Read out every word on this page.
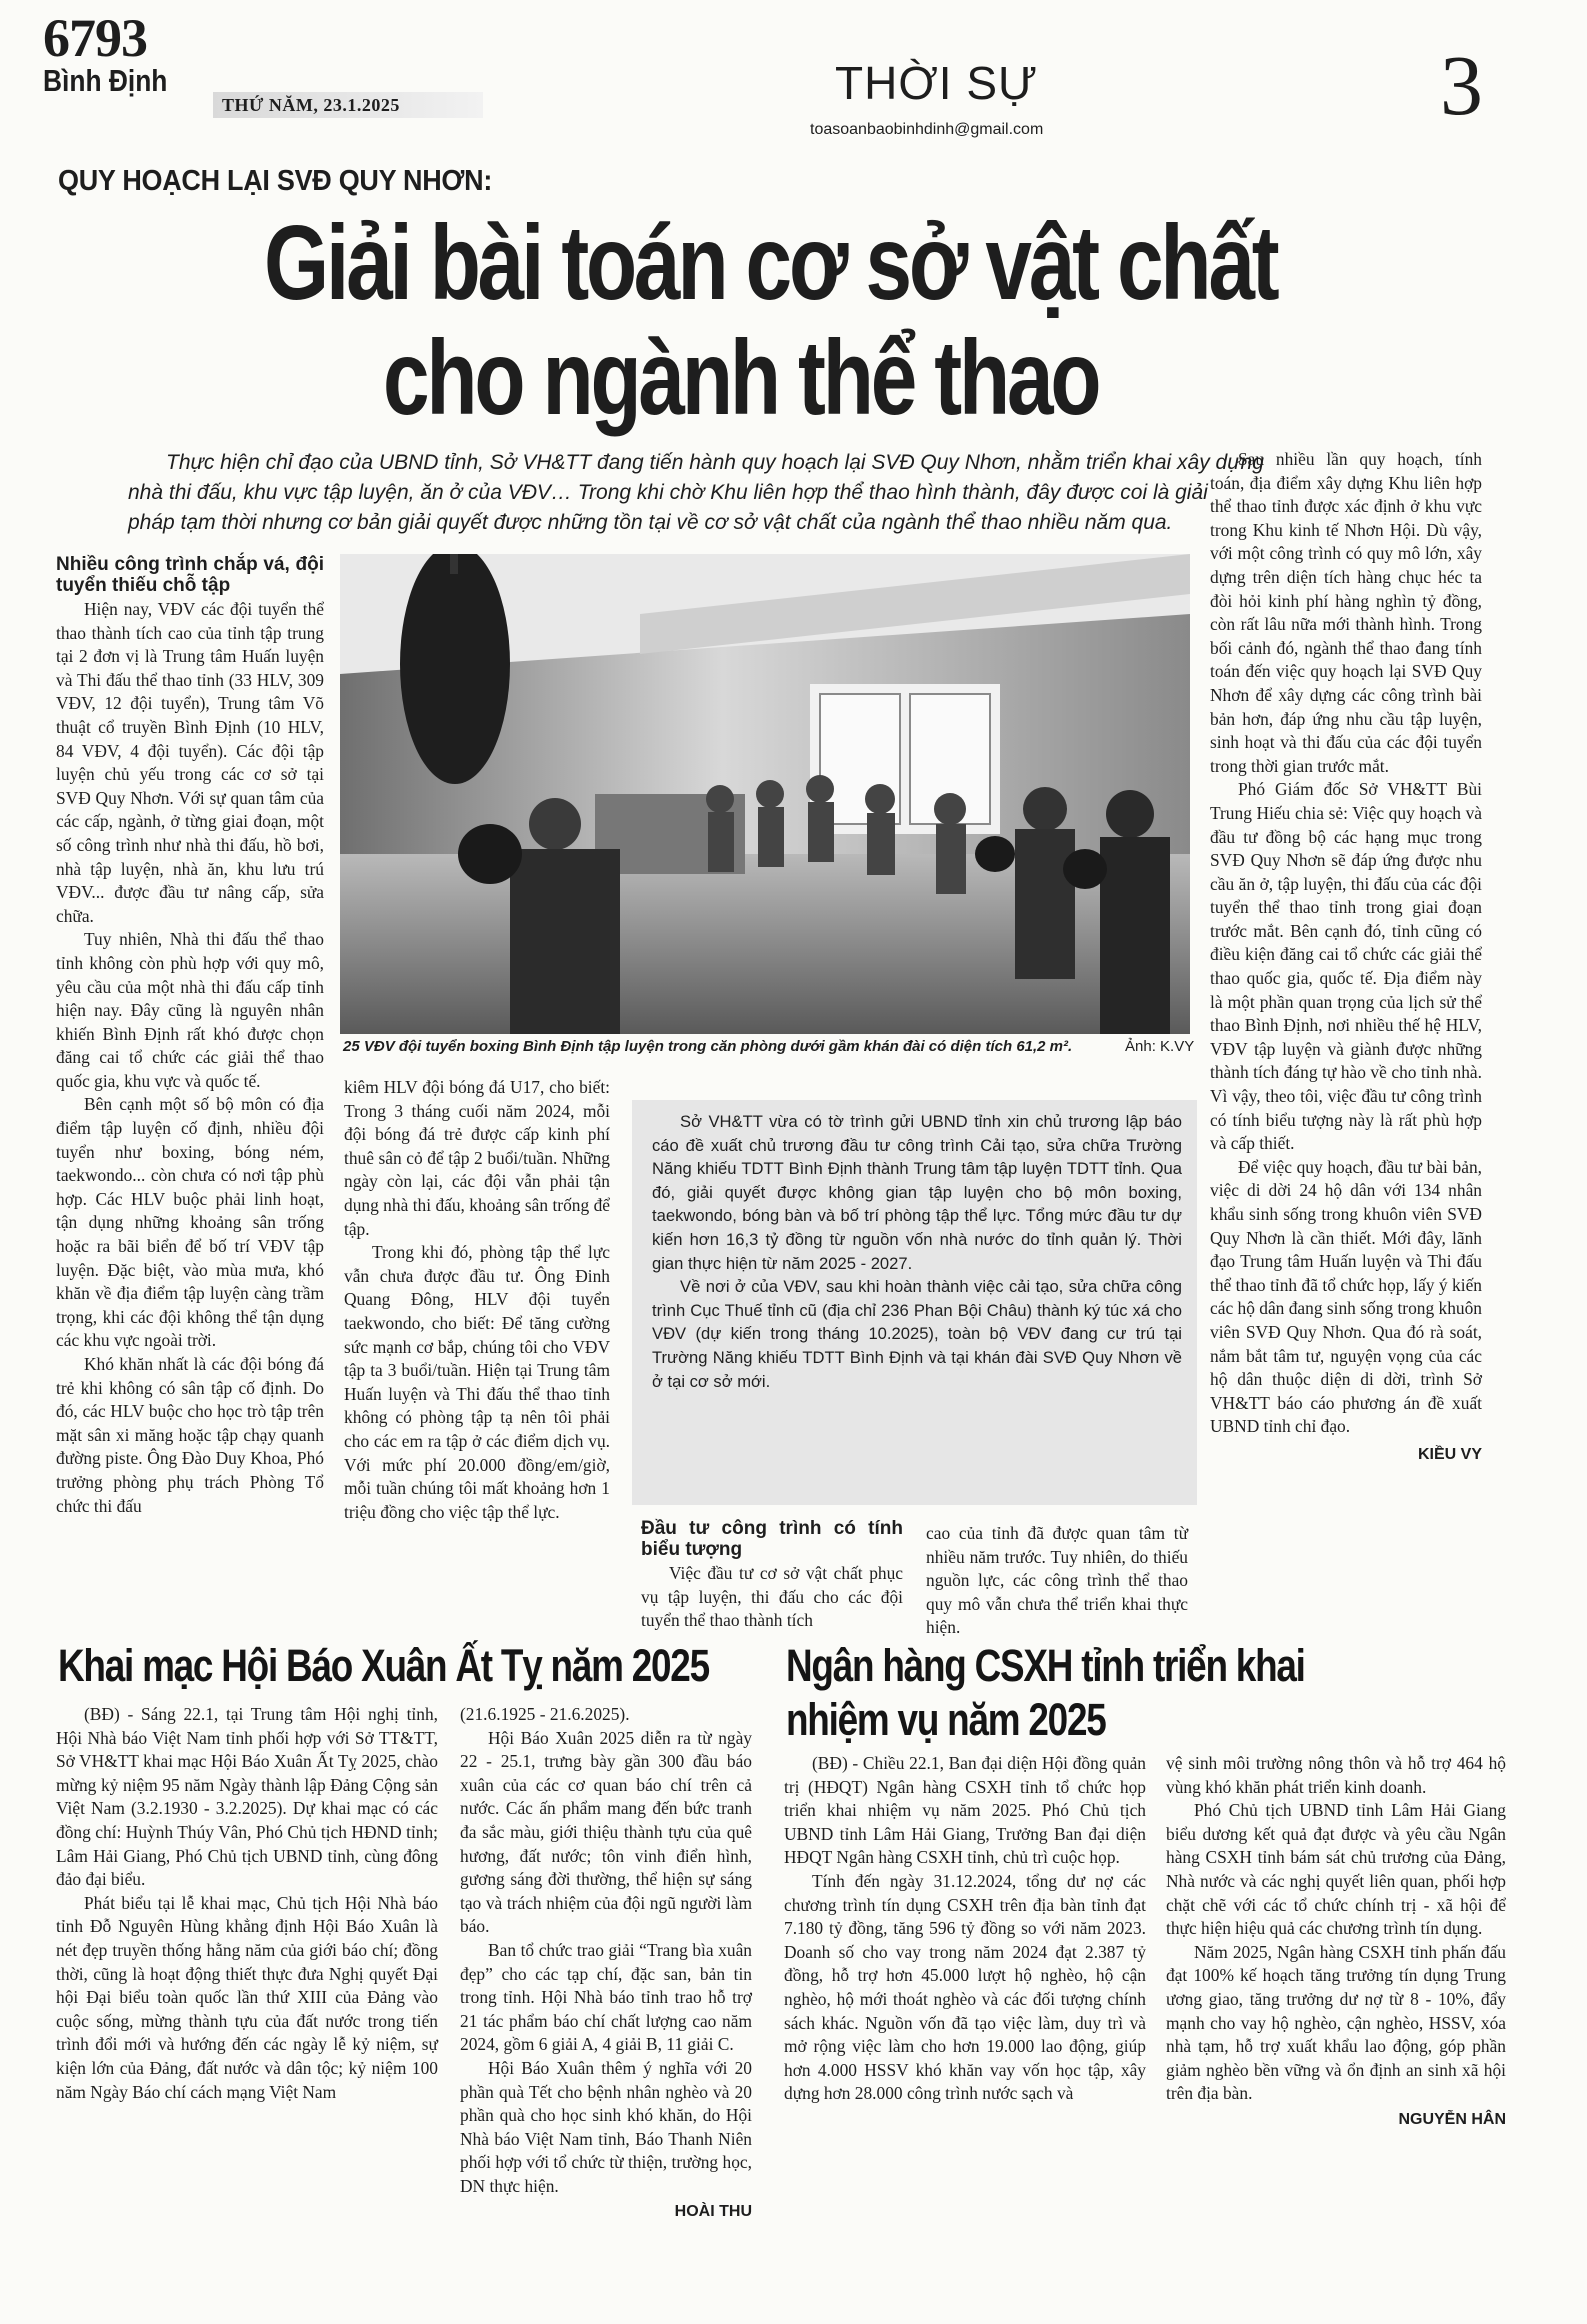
6793
Bình Định
THỨ NĂM, 23.1.2025	THỜI SỰ
toasoanbaobinhdinh@gmail.com	3
QUY HOẠCH LẠI SVĐ QUY NHƠN:
Giải bài toán cơ sở vật chất
cho ngành thể thao
Thực hiện chỉ đạo của UBND tỉnh, Sở VH&TT đang tiến hành quy hoạch lại SVĐ Quy Nhơn, nhằm triển khai xây dựng
nhà thi đấu, khu vực tập luyện, ăn ở của VĐV… Trong khi chờ Khu liên hợp thể thao hình thành, đây được coi là giải
pháp tạm thời nhưng cơ bản giải quyết được những tồn tại về cơ sở vật chất của ngành thể thao nhiều năm qua.
Nhiều công trình chắp vá, đội tuyển thiếu chỗ tập

Hiện nay, VĐV các đội tuyển thể thao thành tích cao của tỉnh tập trung tại 2 đơn vị là Trung tâm Huấn luyện và Thi đấu thể thao tỉnh (33 HLV, 309 VĐV, 12 đội tuyển), Trung tâm Võ thuật cổ truyền Bình Định (10 HLV, 84 VĐV, 4 đội tuyển). Các đội tập luyện chủ yếu trong các cơ sở tại SVĐ Quy Nhơn. Với sự quan tâm của các cấp, ngành, ở từng giai đoạn, một số công trình như nhà thi đấu, hồ bơi, nhà tập luyện, nhà ăn, khu lưu trú VĐV... được đầu tư nâng cấp, sửa chữa.

Tuy nhiên, Nhà thi đấu thể thao tỉnh không còn phù hợp với quy mô, yêu cầu của một nhà thi đấu cấp tỉnh hiện nay. Đây cũng là nguyên nhân khiến Bình Định rất khó được chọn đăng cai tổ chức các giải thể thao quốc gia, khu vực và quốc tế.

Bên cạnh một số bộ môn có địa điểm tập luyện cố định, nhiều đội tuyển như boxing, bóng ném, taekwondo... còn chưa có nơi tập phù hợp. Các HLV buộc phải linh hoạt, tận dụng những khoảng sân trống hoặc ra bãi biển để bố trí VĐV tập luyện. Đặc biệt, vào mùa mưa, khó khăn về địa điểm tập luyện càng trầm trọng, khi các đội không thể tận dụng các khu vực ngoài trời.

Khó khăn nhất là các đội bóng đá trẻ khi không có sân tập cố định. Do đó, các HLV buộc cho học trò tập trên mặt sân xi măng hoặc tập chạy quanh đường piste. Ông Đào Duy Khoa, Phó trưởng phòng phụ trách Phòng Tổ chức thi đấu

25 VĐV đội tuyển boxing Bình Định tập luyện trong căn phòng dưới gầm khán đài có diện tích 61,2 m².	Ảnh: K.VY

kiêm HLV đội bóng đá U17, cho biết: Trong 3 tháng cuối năm 2024, mỗi đội bóng đá trẻ được cấp kinh phí thuê sân cỏ để tập 2 buổi/tuần. Những ngày còn lại, các đội vẫn phải tận dụng nhà thi đấu, khoảng sân trống để tập.

Trong khi đó, phòng tập thể lực vẫn chưa được đầu tư. Ông Đinh Quang Đông, HLV đội tuyển taekwondo, cho biết: Để tăng cường sức mạnh cơ bắp, chúng tôi cho VĐV tập ta 3 buổi/tuần. Hiện tại Trung tâm Huấn luyện và Thi đấu thể thao tỉnh không có phòng tập tạ nên tôi phải cho các em ra tập ở các điểm dịch vụ. Với mức phí 20.000 đồng/em/giờ, mỗi tuần chúng tôi mất khoảng hơn 1 triệu đồng cho việc tập thể lực.

Sở VH&TT vừa có tờ trình gửi UBND tỉnh xin chủ trương lập báo cáo đề xuất chủ trương đầu tư công trình Cải tạo, sửa chữa Trường Năng khiếu TDTT Bình Định thành Trung tâm tập luyện TDTT tỉnh. Qua đó, giải quyết được không gian tập luyện cho bộ môn boxing, taekwondo, bóng bàn và bố trí phòng tập thể lực. Tổng mức đầu tư dự kiến hơn 16,3 tỷ đồng từ nguồn vốn nhà nước do tỉnh quản lý. Thời gian thực hiện từ năm 2025 - 2027.

Về nơi ở của VĐV, sau khi hoàn thành việc cải tạo, sửa chữa công trình Cục Thuế tỉnh cũ (địa chỉ 236 Phan Bội Châu) thành ký túc xá cho VĐV (dự kiến trong tháng 10.2025), toàn bộ VĐV đang cư trú tại Trường Năng khiếu TDTT Bình Định và tại khán đài SVĐ Quy Nhơn về ở tại cơ sở mới.

Đầu tư công trình có tính biểu tượng

Việc đầu tư cơ sở vật chất phục vụ tập luyện, thi đấu cho các đội tuyển thể thao thành tích

cao của tỉnh đã được quan tâm từ nhiều năm trước. Tuy nhiên, do thiếu nguồn lực, các công trình thể thao quy mô vẫn chưa thể triển khai thực hiện.

Sau nhiều lần quy hoạch, tính toán, địa điểm xây dựng Khu liên hợp thể thao tỉnh được xác định ở khu vực trong Khu kinh tế Nhơn Hội. Dù vậy, với một công trình có quy mô lớn, xây dựng trên diện tích hàng chục héc ta đòi hỏi kinh phí hàng nghìn tỷ đồng, còn rất lâu nữa mới thành hình. Trong bối cảnh đó, ngành thể thao đang tính toán đến việc quy hoạch lại SVĐ Quy Nhơn để xây dựng các công trình bài bản hơn, đáp ứng nhu cầu tập luyện, sinh hoạt và thi đấu của các đội tuyển trong thời gian trước mắt.

Phó Giám đốc Sở VH&TT Bùi Trung Hiếu chia sẻ: Việc quy hoạch và đầu tư đồng bộ các hạng mục trong SVĐ Quy Nhơn sẽ đáp ứng được nhu cầu ăn ở, tập luyện, thi đấu của các đội tuyển thể thao tỉnh trong giai đoạn trước mắt. Bên cạnh đó, tỉnh cũng có điều kiện đăng cai tổ chức các giải thể thao quốc gia, quốc tế. Địa điểm này là một phần quan trọng của lịch sử thể thao Bình Định, nơi nhiều thế hệ HLV, VĐV tập luyện và giành được những thành tích đáng tự hào về cho tỉnh nhà. Vì vậy, theo tôi, việc đầu tư công trình có tính biểu tượng này là rất phù hợp và cấp thiết.

Để việc quy hoạch, đầu tư bài bản, việc di dời 24 hộ dân với 134 nhân khẩu sinh sống trong khuôn viên SVĐ Quy Nhơn là cần thiết. Mới đây, lãnh đạo Trung tâm Huấn luyện và Thi đấu thể thao tỉnh đã tổ chức họp, lấy ý kiến các hộ dân đang sinh sống trong khuôn viên SVĐ Quy Nhơn. Qua đó rà soát, nắm bắt tâm tư, nguyện vọng của các hộ dân thuộc diện di dời, trình Sở VH&TT báo cáo phương án đề xuất UBND tỉnh chỉ đạo.

KIỀU VY
Khai mạc Hội Báo Xuân Ất Tỵ năm 2025

(BĐ) - Sáng 22.1, tại Trung tâm Hội nghị tỉnh, Hội Nhà báo Việt Nam tỉnh phối hợp với Sở TT&TT, Sở VH&TT khai mạc Hội Báo Xuân Ất Tỵ 2025, chào mừng kỷ niệm 95 năm Ngày thành lập Đảng Cộng sản Việt Nam (3.2.1930 - 3.2.2025). Dự khai mạc có các đồng chí: Huỳnh Thúy Vân, Phó Chủ tịch HĐND tỉnh; Lâm Hải Giang, Phó Chủ tịch UBND tỉnh, cùng đông đảo đại biểu.

Phát biểu tại lễ khai mạc, Chủ tịch Hội Nhà báo tỉnh Đỗ Nguyên Hùng khẳng định Hội Báo Xuân là nét đẹp truyền thống hằng năm của giới báo chí; đồng thời, cũng là hoạt động thiết thực đưa Nghị quyết Đại hội Đại biểu toàn quốc lần thứ XIII của Đảng vào cuộc sống, mừng thành tựu của đất nước trong tiến trình đổi mới và hướng đến các ngày lễ kỷ niệm, sự kiện lớn của Đảng, đất nước và dân tộc; kỷ niệm 100 năm Ngày Báo chí cách mạng Việt Nam

(21.6.1925 - 21.6.2025).

Hội Báo Xuân 2025 diễn ra từ ngày 22 - 25.1, trưng bày gần 300 đầu báo xuân của các cơ quan báo chí trên cả nước. Các ấn phẩm mang đến bức tranh đa sắc màu, giới thiệu thành tựu của quê hương, đất nước; tôn vinh điển hình, gương sáng đời thường, thể hiện sự sáng tạo và trách nhiệm của đội ngũ người làm báo.

Ban tổ chức trao giải “Trang bìa xuân đẹp” cho các tạp chí, đặc san, bản tin trong tỉnh. Hội Nhà báo tỉnh trao hỗ trợ 21 tác phẩm báo chí chất lượng cao năm 2024, gồm 6 giải A, 4 giải B, 11 giải C.

Hội Báo Xuân thêm ý nghĩa với 20 phần quà Tết cho bệnh nhân nghèo và 20 phần quà cho học sinh khó khăn, do Hội Nhà báo Việt Nam tỉnh, Báo Thanh Niên phối hợp với tổ chức từ thiện, trường học, DN thực hiện.

HOÀI THU
Ngân hàng CSXH tỉnh triển khai
nhiệm vụ năm 2025

(BĐ) - Chiều 22.1, Ban đại diện Hội đồng quản trị (HĐQT) Ngân hàng CSXH tỉnh tổ chức họp triển khai nhiệm vụ năm 2025. Phó Chủ tịch UBND tỉnh Lâm Hải Giang, Trưởng Ban đại diện HĐQT Ngân hàng CSXH tỉnh, chủ trì cuộc họp.

Tính đến ngày 31.12.2024, tổng dư nợ các chương trình tín dụng CSXH trên địa bàn tỉnh đạt 7.180 tỷ đồng, tăng 596 tỷ đồng so với năm 2023. Doanh số cho vay trong năm 2024 đạt 2.387 tỷ đồng, hỗ trợ hơn 45.000 lượt hộ nghèo, hộ cận nghèo, hộ mới thoát nghèo và các đối tượng chính sách khác. Nguồn vốn đã tạo việc làm, duy trì và mở rộng việc làm cho hơn 19.000 lao động, giúp hơn 4.000 HSSV khó khăn vay vốn học tập, xây dựng hơn 28.000 công trình nước sạch và

vệ sinh môi trường nông thôn và hỗ trợ 464 hộ vùng khó khăn phát triển kinh doanh.

Phó Chủ tịch UBND tỉnh Lâm Hải Giang biểu dương kết quả đạt được và yêu cầu Ngân hàng CSXH tỉnh bám sát chủ trương của Đảng, Nhà nước và các nghị quyết liên quan, phối hợp chặt chẽ với các tổ chức chính trị - xã hội để thực hiện hiệu quả các chương trình tín dụng.

Năm 2025, Ngân hàng CSXH tỉnh phấn đấu đạt 100% kế hoạch tăng trưởng tín dụng Trung ương giao, tăng trưởng dư nợ từ 8 - 10%, đẩy mạnh cho vay hộ nghèo, cận nghèo, HSSV, xóa nhà tạm, hỗ trợ xuất khẩu lao động, góp phần giảm nghèo bền vững và ổn định an sinh xã hội trên địa bàn.

NGUYỄN HÂN
